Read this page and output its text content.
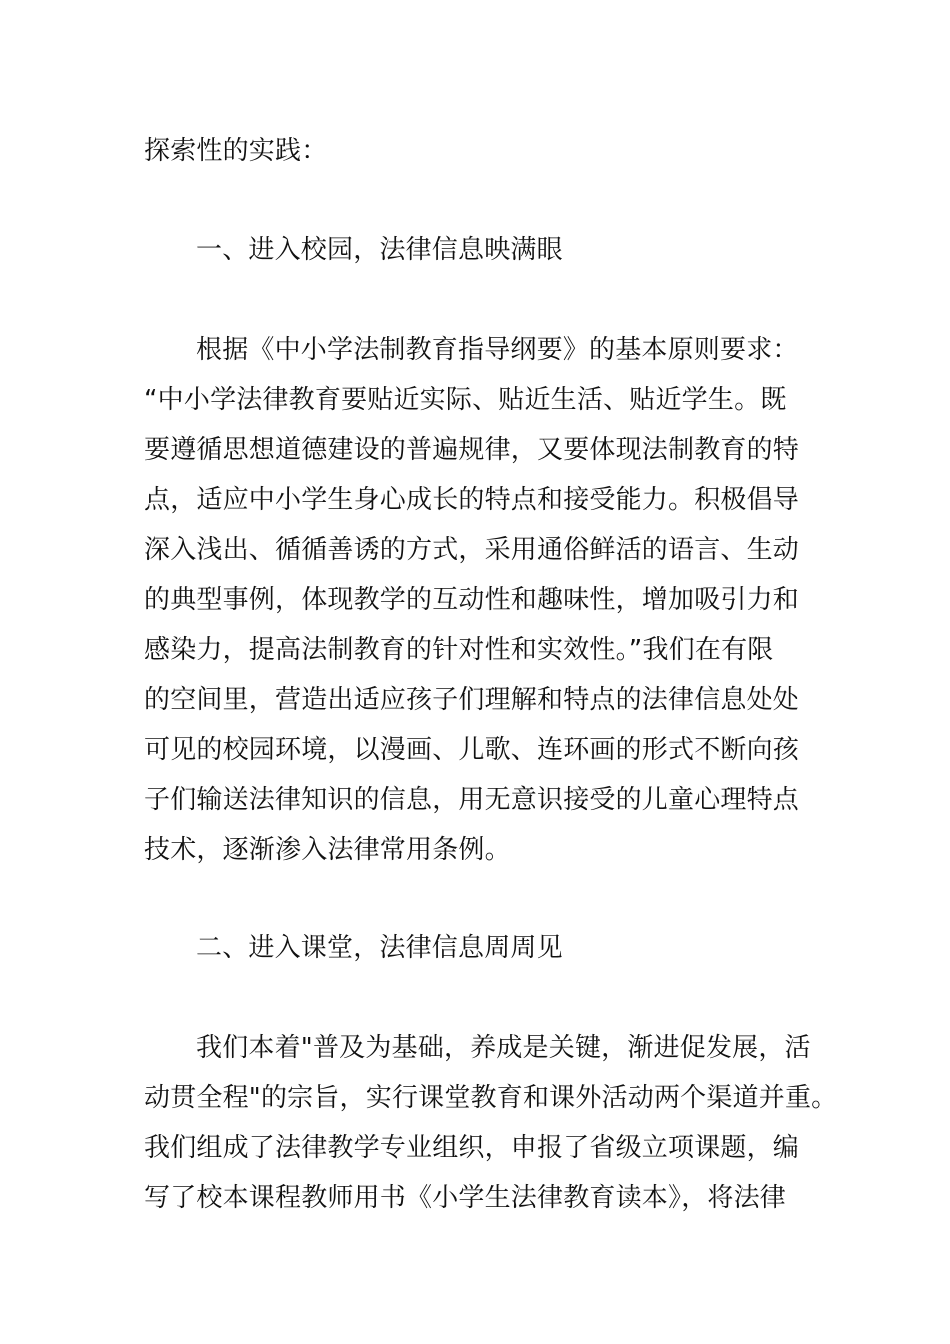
探索性的实践：
一、进入校园，法律信息映满眼
根据《中小学法制教育指导纲要》的基本原则要求：
“中小学法律教育要贴近实际、贴近生活、贴近学生。既
要遵循思想道德建设的普遍规律，又要体现法制教育的特
点，适应中小学生身心成长的特点和接受能力。积极倡导
深入浅出、循循善诱的方式，采用通俗鲜活的语言、生动
的典型事例，体现教学的互动性和趣味性，增加吸引力和
感染力，提高法制教育的针对性和实效性。”我们在有限
的空间里，营造出适应孩子们理解和特点的法律信息处处
可见的校园环境，以漫画、儿歌、连环画的形式不断向孩
子们输送法律知识的信息，用无意识接受的儿童心理特点
技术，逐渐渗入法律常用条例。
二、进入课堂，法律信息周周见
我们本着"普及为基础，养成是关键，渐进促发展，活
动贯全程"的宗旨，实行课堂教育和课外活动两个渠道并重。
我们组成了法律教学专业组织，申报了省级立项课题，编
写了校本课程教师用书《小学生法律教育读本》，将法律
